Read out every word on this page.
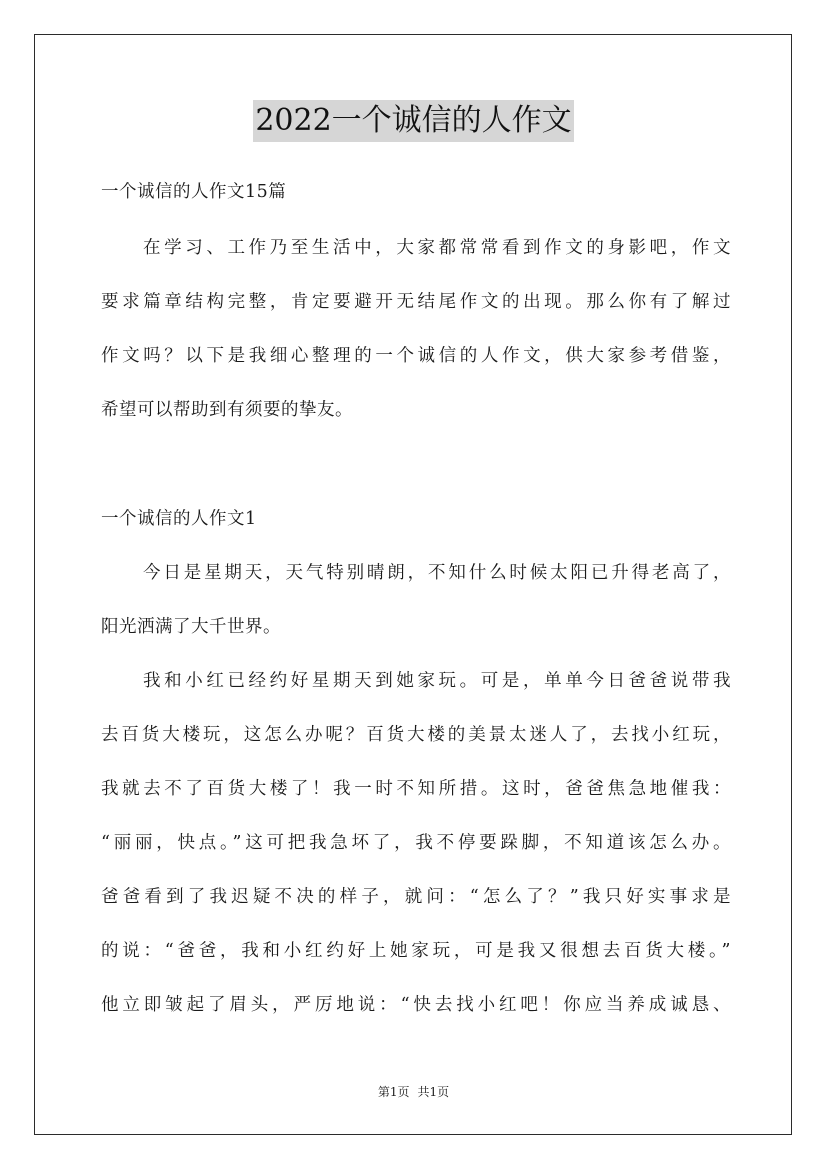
2022一个诚信的人作文
一个诚信的人作文15篇
在学习、工作乃至生活中，大家都常常看到作文的身影吧，作文
要求篇章结构完整，肯定要避开无结尾作文的出现。那么你有了解过
作文吗？以下是我细心整理的一个诚信的人作文，供大家参考借鉴，
希望可以帮助到有须要的挚友。
一个诚信的人作文1
今日是星期天，天气特别晴朗，不知什么时候太阳已升得老高了，
阳光洒满了大千世界。
我和小红已经约好星期天到她家玩。可是，单单今日爸爸说带我
去百货大楼玩，这怎么办呢？百货大楼的美景太迷人了，去找小红玩，
我就去不了百货大楼了！我一时不知所措。这时，爸爸焦急地催我：
“丽丽，快点。”这可把我急坏了，我不停要跺脚，不知道该怎么办。
爸爸看到了我迟疑不决的样子，就问：“怎么了？”我只好实事求是
的说：“爸爸，我和小红约好上她家玩，可是我又很想去百货大楼。”
他立即皱起了眉头，严厉地说：“快去找小红吧！你应当养成诚恳、
第1页 共1页
